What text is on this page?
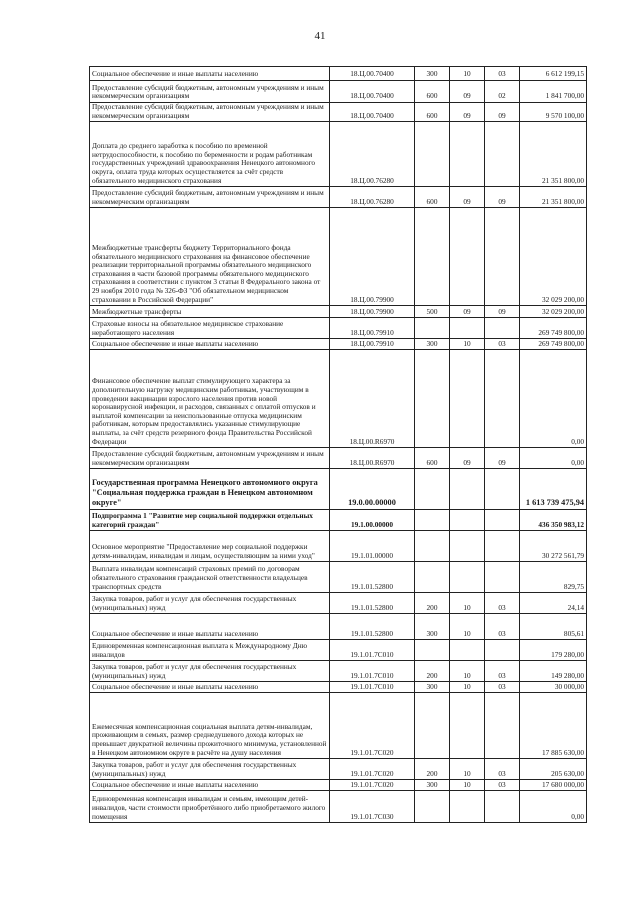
41
Социальное обеспечение и иные выплаты населению	18.Ц.00.70400	300	10	03	6 612 199,15
Предоставление субсидий бюджетным, автономным учреждениям и иным некоммерческим организациям	18.Ц.00.70400	600	09	02	1 841 700,00
Предоставление субсидий бюджетным, автономным учреждениям и иным некоммерческим организациям	18.Ц.00.70400	600	09	09	9 570 100,00
Доплата до среднего заработка к пособию по временной нетрудоспособности, к пособию по беременности и родам работникам государственных учреждений здравоохранения Ненецкого автономного округа, оплата труда которых осуществляется за счёт средств обязательного медицинского страхования	18.Ц.00.76280				21 351 800,00
Предоставление субсидий бюджетным, автономным учреждениям и иным некоммерческим организациям	18.Ц.00.76280	600	09	09	21 351 800,00
Межбюджетные трансферты бюджету Территориального фонда обязательного медицинского страхования на финансовое обеспечение реализации территориальной программы обязательного медицинского страхования в части базовой программы обязательного медицинского страхования в соответствии с пунктом 3 статьи 8 Федерального закона от 29 ноября 2010 года № 326-ФЗ "Об обязательном медицинском страховании в Российской Федерации"	18.Ц.00.79900				32 029 200,00
Межбюджетные трансферты	18.Ц.00.79900	500	09	09	32 029 200,00
Страховые взносы на обязательное медицинское страхование неработающего населения	18.Ц.00.79910				269 749 800,00
Социальное обеспечение и иные выплаты населению	18.Ц.00.79910	300	10	03	269 749 800,00
Финансовое обеспечение выплат стимулирующего характера за дополнительную нагрузку медицинским работникам, участвующим в проведении вакцинации взрослого населения против новой коронавирусной инфекции, и расходов, связанных с оплатой отпусков и выплатой компенсации за неиспользованные отпуска медицинским работникам, которым предоставлялись указанные стимулирующие выплаты, за счёт средств резервного фонда Правительства Российской Федерации	18.Ц.00.R6970				0,00
Предоставление субсидий бюджетным, автономным учреждениям и иным некоммерческим организациям	18.Ц.00.R6970	600	09	09	0,00
Государственная программа Ненецкого автономного округа "Социальная поддержка граждан в Ненецком автономном округе"	19.0.00.00000				1 613 739 475,94
Подпрограмма 1 "Развитие мер социальной поддержки отдельных категорий граждан"	19.1.00.00000				436 350 983,12
Основное мероприятие "Предоставление мер социальной поддержки детям-инвалидам, инвалидам и лицам, осуществляющим за ними уход"	19.1.01.00000				30 272 561,79
Выплата инвалидам компенсаций страховых премий по договорам обязательного страхования гражданской ответственности владельцев транспортных средств	19.1.01.52800				829,75
Закупка товаров, работ и услуг для обеспечения государственных (муниципальных) нужд	19.1.01.52800	200	10	03	24,14
Социальное обеспечение и иные выплаты населению	19.1.01.52800	300	10	03	805,61
Единовременная компенсационная выплата к Международному Дню инвалидов	19.1.01.7С010				179 280,00
Закупка товаров, работ и услуг для обеспечения государственных (муниципальных) нужд	19.1.01.7С010	200	10	03	149 280,00
Социальное обеспечение и иные выплаты населению	19.1.01.7С010	300	10	03	30 000,00
Ежемесячная компенсационная социальная выплата детям-инвалидам, проживающим в семьях, размер среднедушевого дохода которых не превышает двукратной величины прожиточного минимума, установленной в Ненецком автономном округе в расчёте на душу населения	19.1.01.7С020				17 885 630,00
Закупка товаров, работ и услуг для обеспечения государственных (муниципальных) нужд	19.1.01.7С020	200	10	03	205 630,00
Социальное обеспечение и иные выплаты населению	19.1.01.7С020	300	10	03	17 680 000,00
Единовременная компенсация инвалидам и семьям, имеющим детей-инвалидов, части стоимости приобретённого либо приобретаемого жилого помещения	19.1.01.7С030				0,00
